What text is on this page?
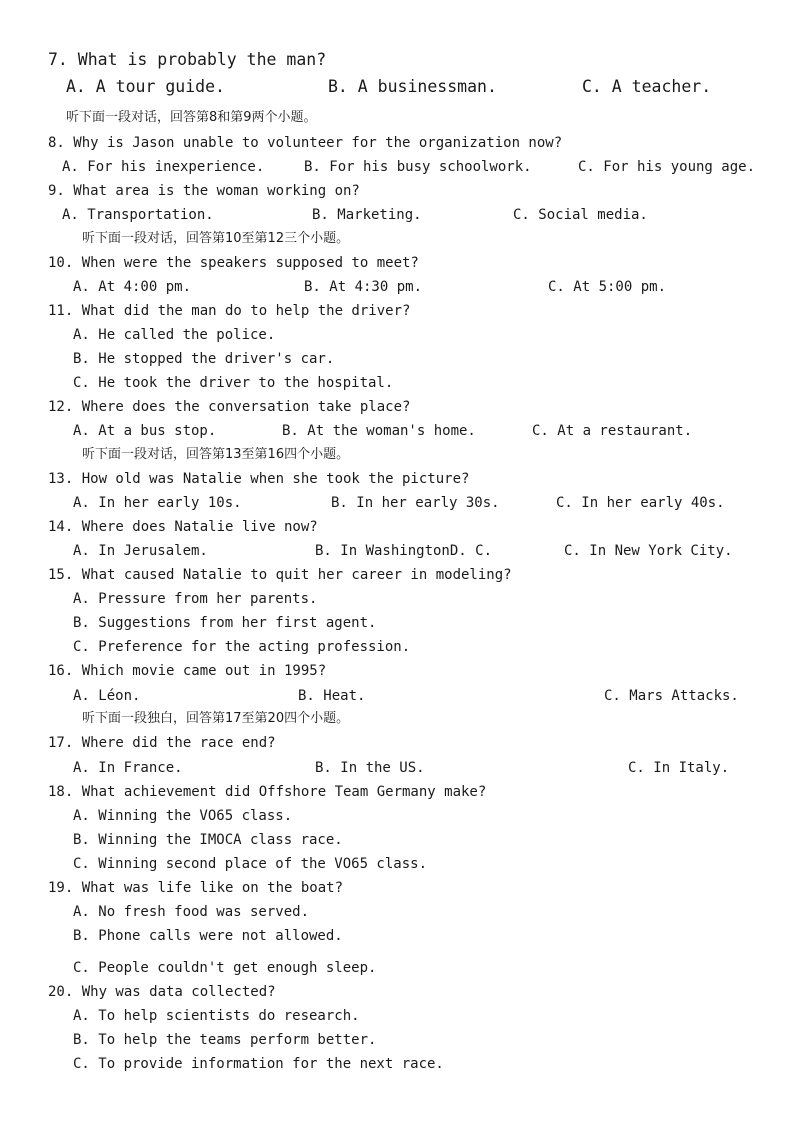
7. What is probably the man?
A. A tour guide.	B. A businessman.	C. A teacher.
听下面一段对话，回答第8和第9两个小题。
8. Why is Jason unable to volunteer for the organization now?
A. For his inexperience.	B. For his busy schoolwork.	C. For his young age.
9. What area is the woman working on?
A. Transportation.	B. Marketing.	C. Social media.
听下面一段对话，回答第10至第12三个小题。
10. When were the speakers supposed to meet?
A. At 4:00 pm.	B. At 4:30 pm.	C. At 5:00 pm.
11. What did the man do to help the driver?
A. He called the police.
B. He stopped the driver's car.
C. He took the driver to the hospital.
12. Where does the conversation take place?
A. At a bus stop.	B. At the woman's home.	C. At a restaurant.
听下面一段对话，回答第13至第16四个小题。
13. How old was Natalie when she took the picture?
A. In her early 10s.	B. In her early 30s.	C. In her early 40s.
14. Where does Natalie live now?
A. In Jerusalem.	B. In WashingtonD. C.	C. In New York City.
15. What caused Natalie to quit her career in modeling?
A. Pressure from her parents.
B. Suggestions from her first agent.
C. Preference for the acting profession.
16. Which movie came out in 1995?
A. Léon.	B. Heat.	C. Mars Attacks.
听下面一段独白，回答第17至第20四个小题。
17. Where did the race end?
A. In France.	B. In the US.	C. In Italy.
18. What achievement did Offshore Team Germany make?
A. Winning the VO65 class.
B. Winning the IMOCA class race.
C. Winning second place of the VO65 class.
19. What was life like on the boat?
A. No fresh food was served.
B. Phone calls were not allowed.
C. People couldn't get enough sleep.
20. Why was data collected?
A. To help scientists do research.
B. To help the teams perform better.
C. To provide information for the next race.
